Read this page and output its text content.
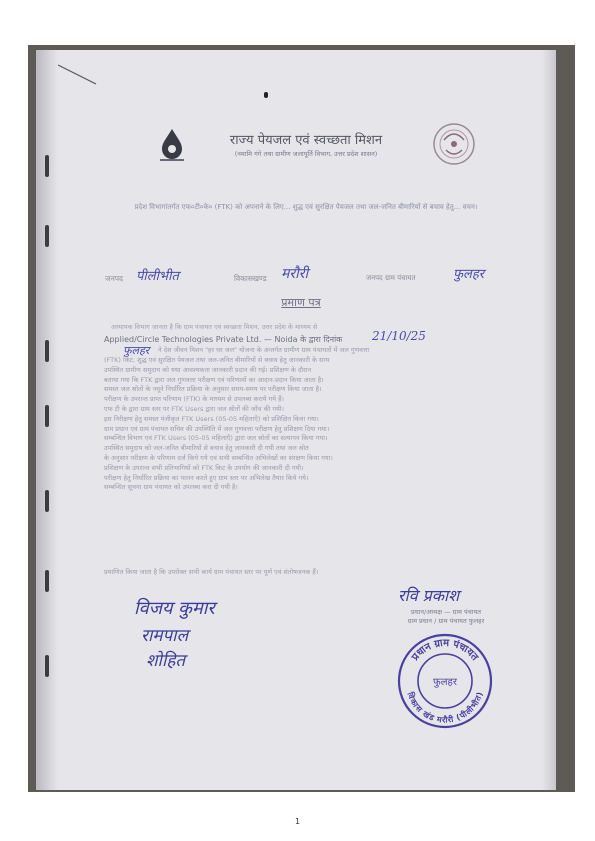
राज्य पेयजल एवं स्वच्छता मिशन
(नमामि गंगे तथा ग्रामीण जलापूर्ति विभाग, उत्तर प्रदेश शासन)
प्रदेश विभागांतर्गत एफ०टी०के० (FTK) को अपनाने के लिए... शुद्ध एवं सुरक्षित पेयजल तथा जल-जनित बीमारियों से बचाव हेतु... वचन।
जनपद पीलीभीत	विकासखण्ड मरौरी	जनपद ग्राम पंचायत	फुलहर
प्रमाण पत्र
अध्यापक विभाग जानता है कि ग्राम पंचायत एवं स्वच्छता मिशन, उत्तर प्रदेश के माध्यम से
Applied/Circle Technologies Private Ltd. — Noida के द्वारा दिनांक 21/10/25
फुलहर ने देश जीवन मिशन "हर घर जल" योजना के अन्तर्गत ग्रामीण ग्राम पंचायतों में जल गुणवत्ता
(FTK) किट, शुद्ध एवं सुरक्षित पेयजल तथा जल-जनित बीमारियों से बचाव हेतु जानकारी के साथ
उपस्थित ग्रामीण समुदाय को यथा आवश्यकता जानकारी प्रदान की गई। प्रशिक्षण के दौरान
बताया गया कि FTK द्वारा जल गुणवत्ता परीक्षण एवं परिणामों का आदान-प्रदान किया जाता है।
समस्त जल स्रोतों के नमूने निर्धारित प्रक्रिया के अनुसार समय-समय पर परीक्षण किया जाता है।
परीक्षण के उपरान्त प्राप्त परिणाम (FTK) के माध्यम से उपलब्ध कराये गये हैं।
एफ टी के द्वारा ग्राम स्तर पर FTK Users द्वारा जल स्रोतों की जाँच की गयी।
इस निरीक्षण हेतु समस्त पंजीकृत FTK Users (05-05 महिलाएँ) को प्रशिक्षित किया गया।
ग्राम प्रधान एवं ग्राम पंचायत सचिव की उपस्थिति में जल गुणवत्ता परीक्षण हेतु प्रशिक्षण दिया गया।
सम्बन्धित विभाग एवं FTK Users (05-05 महिलाएँ) द्वारा जल स्रोतों का सत्यापन किया गया।
उपस्थित समुदाय को जल-जनित बीमारियों से बचाव हेतु जानकारी दी गयी तथा जल स्रोत
के अनुसार परीक्षण के परिणाम दर्ज किये गये एवं सभी सम्बन्धित अभिलेखों का संरक्षण किया गया।
प्रशिक्षण के उपरान्त सभी प्रतिभागियों को FTK किट के उपयोग की जानकारी दी गयी।
परीक्षण हेतु निर्धारित प्रक्रिया का पालन करते हुए ग्राम स्तर पर अभिलेख तैयार किये गये।
सम्बन्धित सूचना ग्राम पंचायत को उपलब्ध करा दी गयी है।
प्रमाणित किया जाता है कि उपरोक्त सभी कार्य ग्राम पंचायत स्तर पर पूर्ण एवं संतोषजनक हैं।
विजय कुमार
रामपाल
शोहित
रवि प्रकाश
प्रधान/अध्यक्ष — ग्राम पंचायत
ग्राम प्रधान / ग्राम पंचायत फुलहर
प्रधान ग्राम पंचायत
विकास खंड मरौरी (पीलीभीत)
फुलहर
1
